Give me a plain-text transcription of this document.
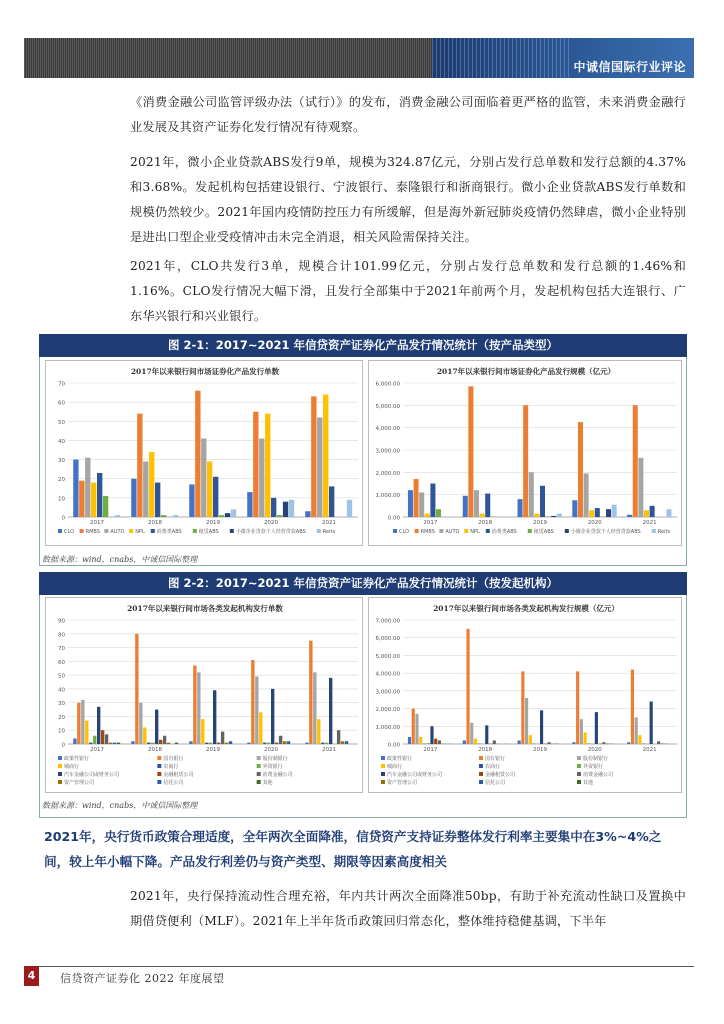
中诚信国际行业评论
《消费金融公司监管评级办法（试行）》的发布，消费金融公司面临着更严格的监管，未来消费金融行业发展及其资产证券化发行情况有待观察。
2021年，微小企业贷款ABS发行9单，规模为324.87亿元，分别占发行总单数和发行总额的4.37%和3.68%。发起机构包括建设银行、宁波银行、泰隆银行和浙商银行。微小企业贷款ABS发行单数和规模仍然较少。2021年国内疫情防控压力有所缓解，但是海外新冠肺炎疫情仍然肆虐，微小企业特别是进出口型企业受疫情冲击未完全消退，相关风险需保持关注。
2021年，CLO共发行3单，规模合计101.99亿元，分别占发行总单数和发行总额的1.46%和1.16%。CLO发行情况大幅下滑，且发行全部集中于2021年前两个月，发起机构包括大连银行、广东华兴银行和兴业银行。
图 2-1：2017~2021 年信贷资产证券化产品发行情况统计（按产品类型）
2017年以来银行间市场证券化产品发行单数
0
10
20
30
40
50
60
70
2017	2018	2019	2020	2021
CLO RMBS AUTO NPL 消费类ABS	租赁ABS	小微企业贷款个人经营贷款ABS	Reits
2017年以来银行间市场证券化产品发行规模（亿元）
0.00
1,000.00
2,000.00
3,000.00
4,000.00
5,000.00
6,000.00
2017	2018	2019	2020	2021
CLO RMBS AUTO NPL 消费类ABS	租赁ABS	小微企业贷款个人经营贷款ABS	Reits
数据来源：wind，cnabs，中诚信国际整理
图 2-2：2017~2021 年信贷资产证券化产品发行情况统计（按发起机构）
2017年以来银行间市场各类发起机构发行单数
0
10
20
30
40
50
60
70
80
90
2017	2018	2019	2020	2021
政策性银行	国有银行	股份制银行
城商行	农商行	外资银行
汽车金融公司或财务公司	金融租赁公司	消费金融公司
资产管理公司	信托公司	其他
2017年以来银行间市场各类发起机构发行规模（亿元）
0.00
1,000.00
2,000.00
3,000.00
4,000.00
5,000.00
6,000.00
7,000.00
2017	2018	2019	2020	2021
政策性银行	国有银行	股份制银行
城商行	农商行	外资银行
汽车金融公司或财务公司	金融租赁公司	消费金融公司
资产管理公司	信托公司	其他
数据来源：wind，cnabs，中诚信国际整理
2021年，央行货币政策合理适度，全年两次全面降准，信贷资产支持证券整体发行利率主要集中在3%~4%之间，较上年小幅下降。产品发行利差仍与资产类型、期限等因素高度相关
2021年，央行保持流动性合理充裕，年内共计两次全面降准50bp，有助于补充流动性缺口及置换中期借贷便利（MLF）。2021年上半年货币政策回归常态化，整体维持稳健基调，下半年
4	信贷资产证券化 2022 年度展望
